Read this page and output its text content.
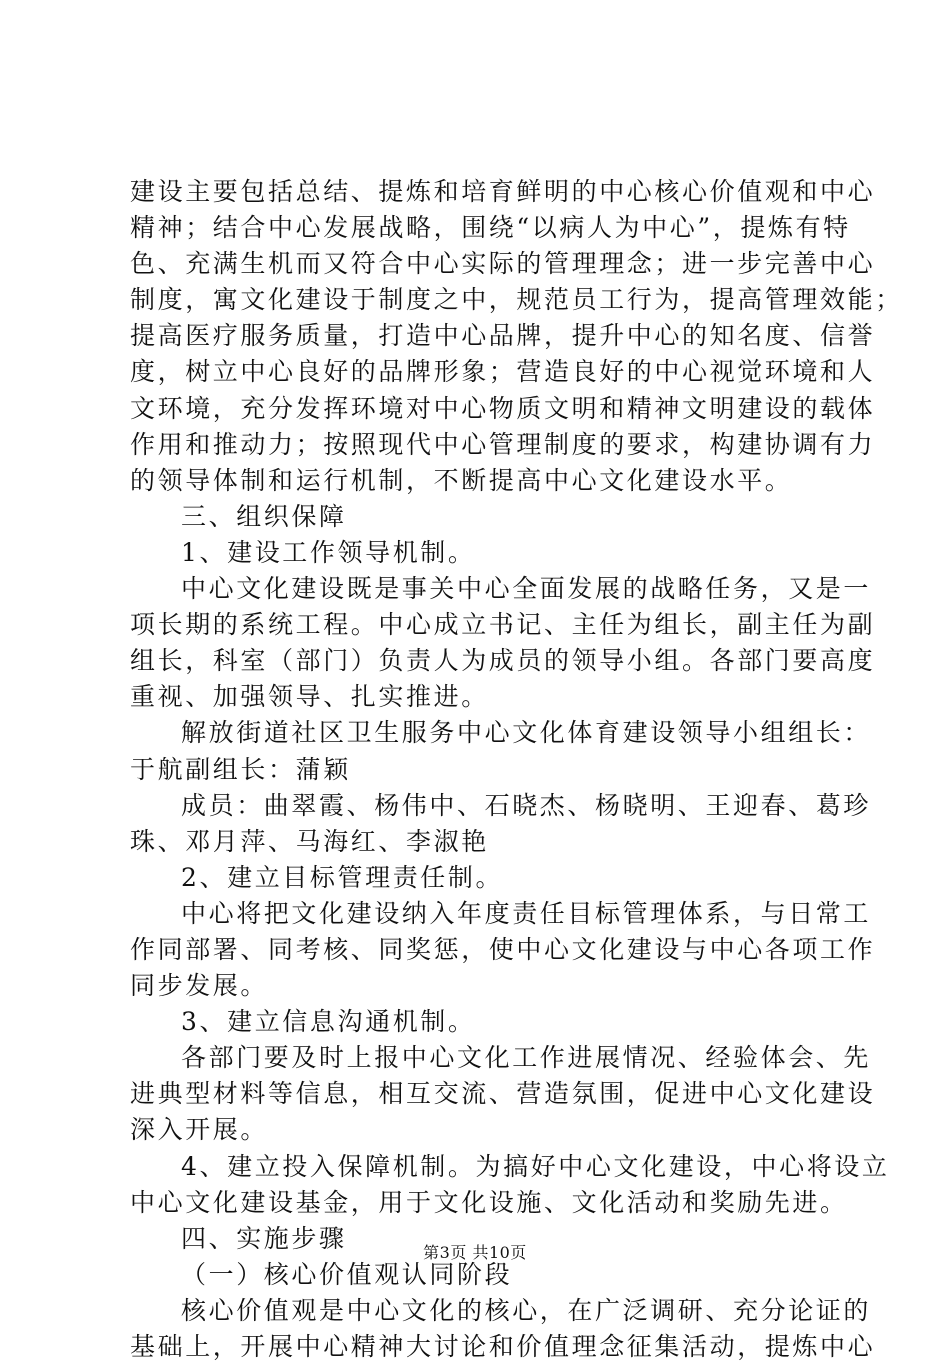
建设主要包括总结、提炼和培育鲜明的中心核心价值观和中心
精神；结合中心发展战略，围绕“以病人为中心”，提炼有特
色、充满生机而又符合中心实际的管理理念；进一步完善中心
制度，寓文化建设于制度之中，规范员工行为，提高管理效能；
提高医疗服务质量，打造中心品牌，提升中心的知名度、信誉
度，树立中心良好的品牌形象；营造良好的中心视觉环境和人
文环境，充分发挥环境对中心物质文明和精神文明建设的载体
作用和推动力；按照现代中心管理制度的要求，构建协调有力
的领导体制和运行机制，不断提高中心文化建设水平。
三、组织保障
1、建设工作领导机制。
中心文化建设既是事关中心全面发展的战略任务，又是一
项长期的系统工程。中心成立书记、主任为组长，副主任为副
组长，科室（部门）负责人为成员的领导小组。各部门要高度
重视、加强领导、扎实推进。
解放街道社区卫生服务中心文化体育建设领导小组组长：
于航副组长：蒲颖
成员：曲翠霞、杨伟中、石晓杰、杨晓明、王迎春、葛珍
珠、邓月萍、马海红、李淑艳
2、建立目标管理责任制。
中心将把文化建设纳入年度责任目标管理体系，与日常工
作同部署、同考核、同奖惩，使中心文化建设与中心各项工作
同步发展。
3、建立信息沟通机制。
各部门要及时上报中心文化工作进展情况、经验体会、先
进典型材料等信息，相互交流、营造氛围，促进中心文化建设
深入开展。
4、建立投入保障机制。为搞好中心文化建设，中心将设立
中心文化建设基金，用于文化设施、文化活动和奖励先进。
四、实施步骤
（一）核心价值观认同阶段
核心价值观是中心文化的核心，在广泛调研、充分论证的
基础上，开展中心精神大讨论和价值理念征集活动，提炼中心
第3页 共10页
